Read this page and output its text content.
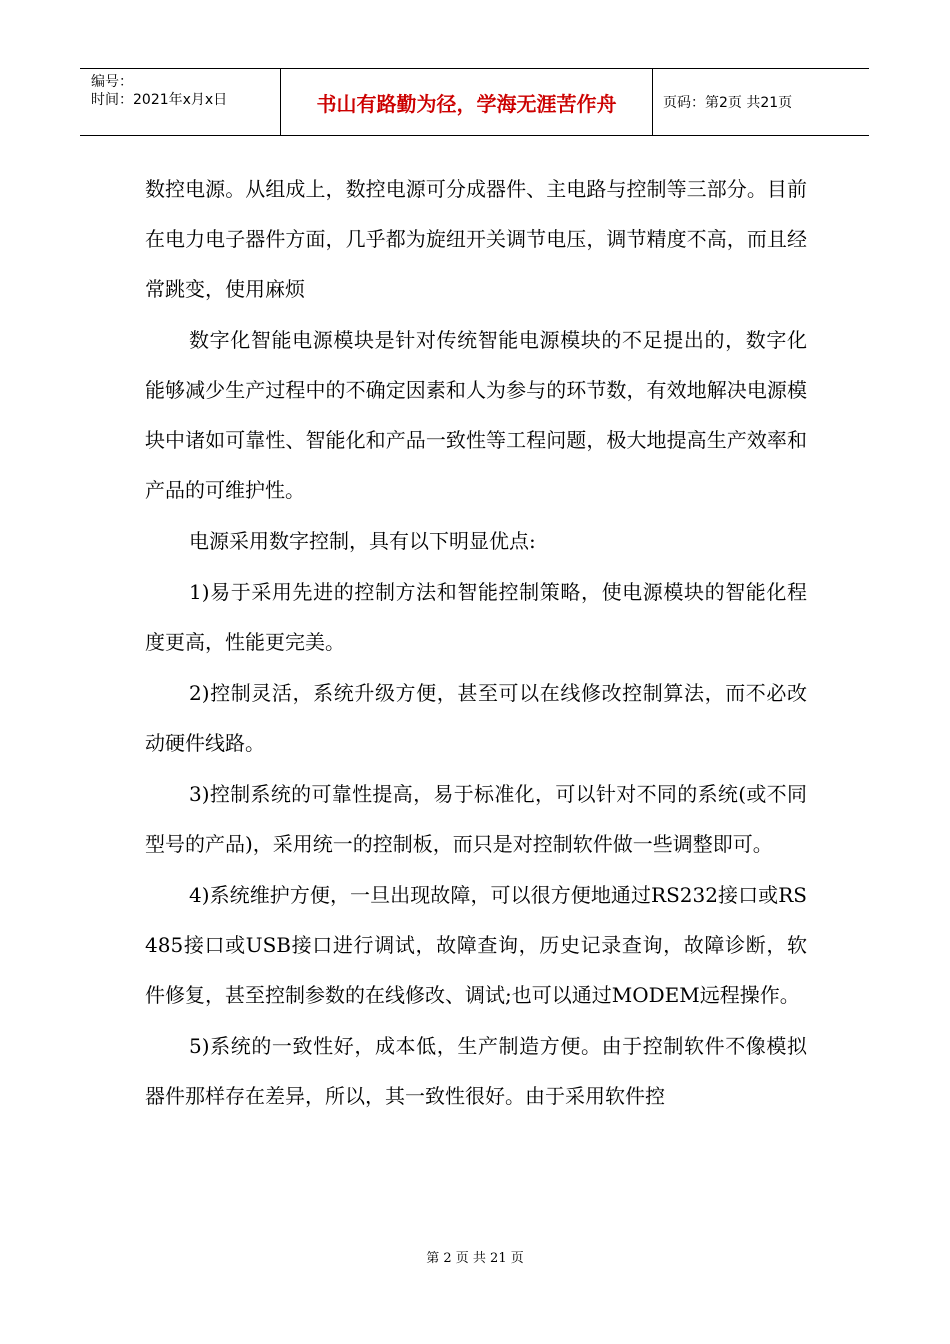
编号：
时间：2021年x月x日	书山有路勤为径，学海无涯苦作舟	页码：第2页 共21页

数控电源。从组成上，数控电源可分成器件、主电路与控制等三部分。目前在电力电子器件方面，几乎都为旋纽开关调节电压，调节精度不高，而且经常跳变，使用麻烦

数字化智能电源模块是针对传统智能电源模块的不足提出的，数字化能够减少生产过程中的不确定因素和人为参与的环节数，有效地解决电源模块中诸如可靠性、智能化和产品一致性等工程问题，极大地提高生产效率和产品的可维护性。

电源采用数字控制，具有以下明显优点:

1)易于采用先进的控制方法和智能控制策略，使电源模块的智能化程度更高，性能更完美。

2)控制灵活，系统升级方便，甚至可以在线修改控制算法，而不必改动硬件线路。

3)控制系统的可靠性提高，易于标准化，可以针对不同的系统(或不同型号的产品)，采用统一的控制板，而只是对控制软件做一些调整即可。

4)系统维护方便，一旦出现故障，可以很方便地通过RS232接口或RS485接口或USB接口进行调试，故障查询，历史记录查询，故障诊断，软件修复，甚至控制参数的在线修改、调试;也可以通过MODEM远程操作。

5)系统的一致性好，成本低，生产制造方便。由于控制软件不像模拟器件那样存在差异，所以，其一致性很好。由于采用软件控

第 2 页 共 21 页
